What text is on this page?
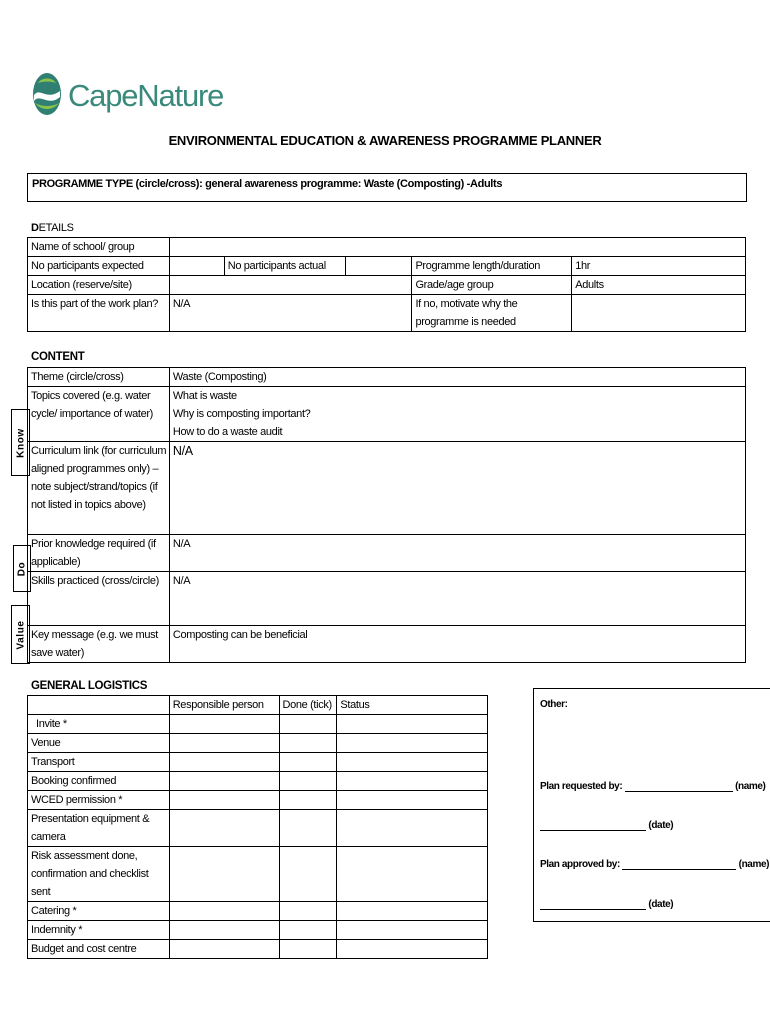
CapeNature
ENVIRONMENTAL EDUCATION & AWARENESS PROGRAMME PLANNER
PROGRAMME TYPE (circle/cross): general awareness programme: Waste (Composting) -Adults
DETAILS
Name of school/ group					
No participants expected		No participants actual		Programme length/duration	1hr
Location (reserve/site)				Grade/age group	Adults
Is this part of the work plan?	N/A			If no, motivate why the programme is needed	
CONTENT
Know
Do
Value
Theme (circle/cross)	Waste (Composting)
Topics covered (e.g. water cycle/ importance of water)	What is waste
Why is composting important?
How to do a waste audit

Curriculum link (for curriculum aligned programmes only) – note subject/strand/topics (if not listed in topics above)	N/A
Prior knowledge required (if applicable)	N/A
Skills practiced (cross/circle)	N/A
Key message (e.g. we must save water)	Composting can be beneficial
GENERAL LOGISTICS
	Responsible person	Done (tick)	Status
Invite *			
Venue			
Transport			
Booking confirmed			
WCED permission *			
Presentation equipment & camera			
Risk assessment done, confirmation and checklist sent			
Catering *			
Indemnity *			
Budget and cost centre			
Other:
Plan requested by:	(name)
(date)
Plan approved by:	(name)
(date)
